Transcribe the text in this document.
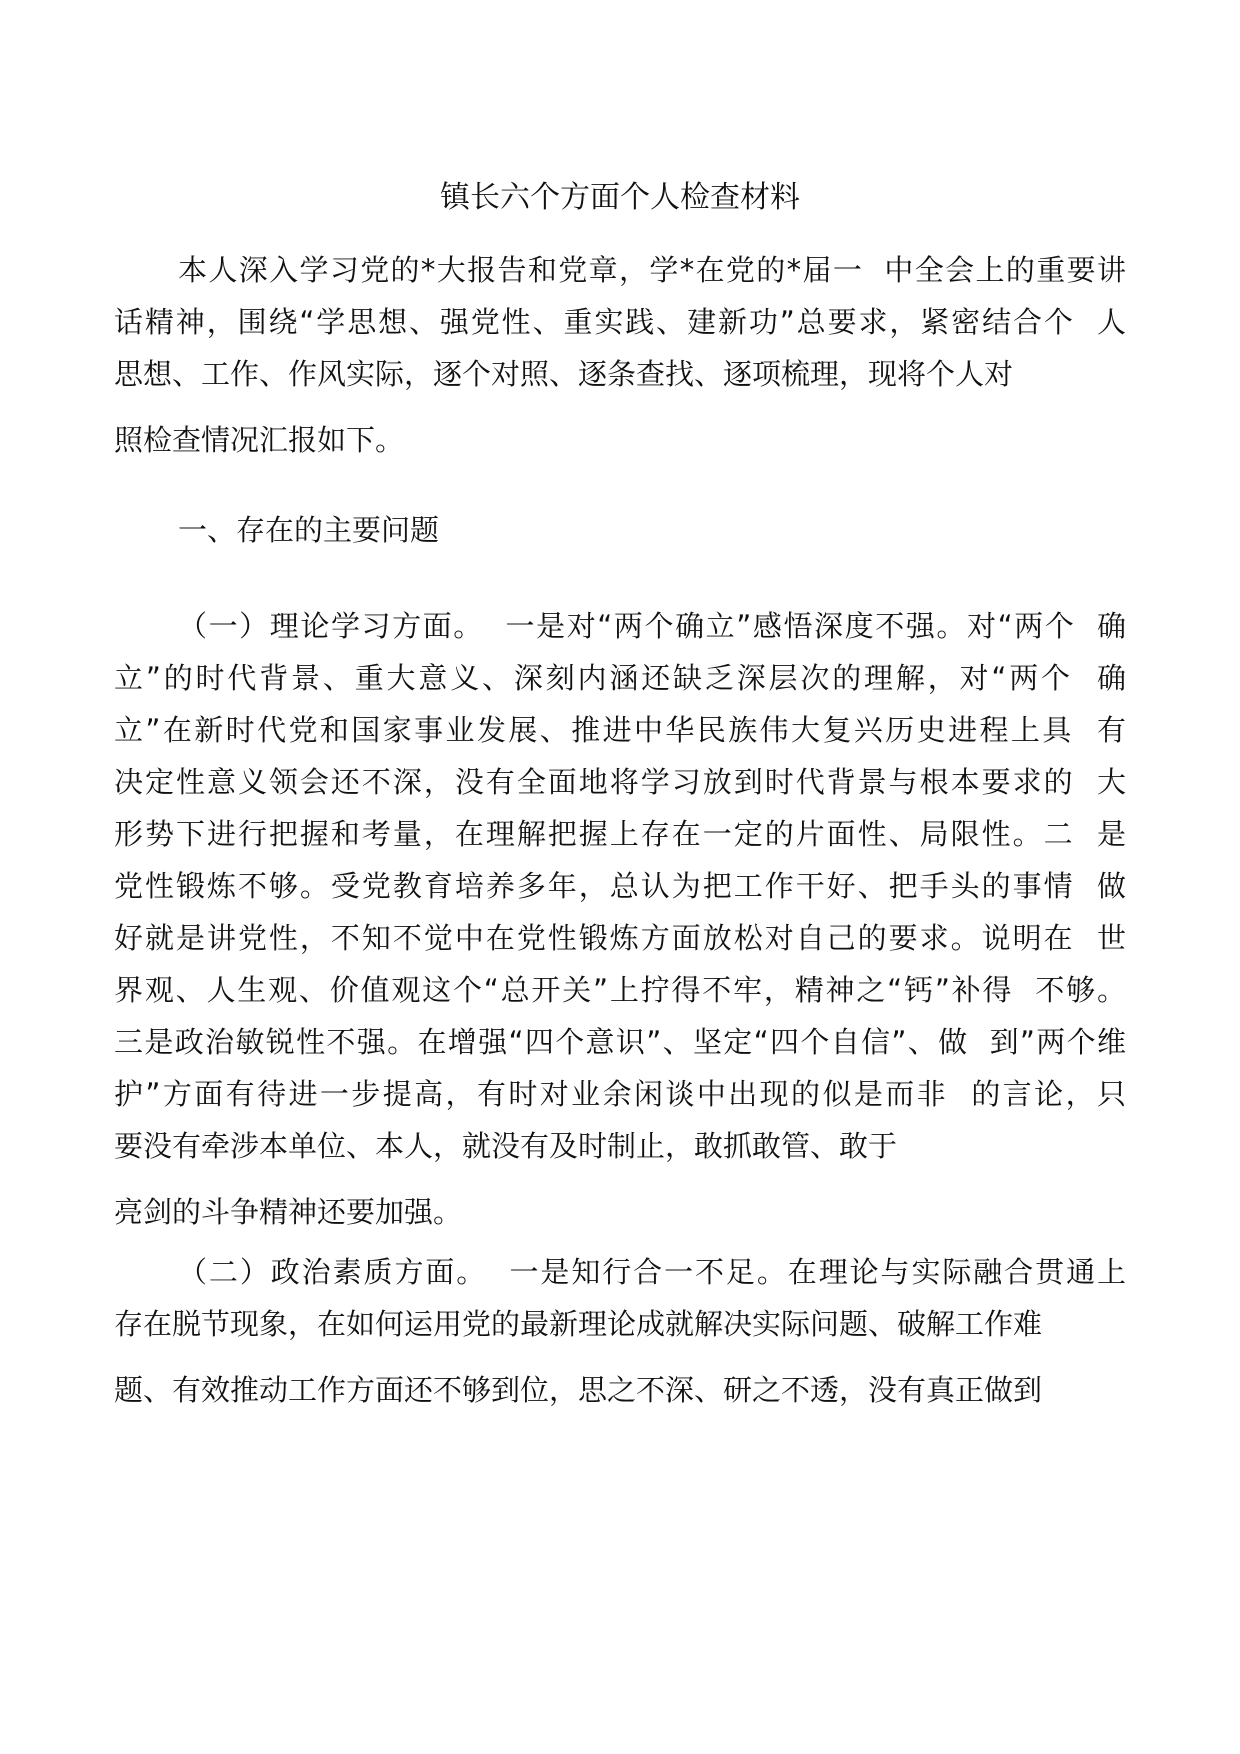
镇长六个方面个人检查材料
本人深入学习党的*大报告和党章，学*在党的*届一  中全会上的重要讲
话精神，围绕“学思想、强党性、重实践、建新功”总要求，紧密结合个  人
思想、工作、作风实际，逐个对照、逐条查找、逐项梳理，现将个人对
照检查情况汇报如下。
一、存在的主要问题
（一）理论学习方面。  一是对“两个确立”感悟深度不强。对“两个  确
立”的时代背景、重大意义、深刻内涵还缺乏深层次的理解，对“两个  确
立”在新时代党和国家事业发展、推进中华民族伟大复兴历史进程上具  有
决定性意义领会还不深，没有全面地将学习放到时代背景与根本要求的  大
形势下进行把握和考量，在理解把握上存在一定的片面性、局限性。二  是
党性锻炼不够。受党教育培养多年，总认为把工作干好、把手头的事情  做
好就是讲党性，不知不觉中在党性锻炼方面放松对自己的要求。说明在  世
界观、人生观、价值观这个“总开关”上拧得不牢，精神之“钙”补得  不够。
三是政治敏锐性不强。在增强“四个意识”、坚定“四个自信”、做  到”两个维
护”方面有待进一步提高，有时对业余闲谈中出现的似是而非  的言论，只
要没有牵涉本单位、本人，就没有及时制止，敢抓敢管、敢于
亮剑的斗争精神还要加强。
（二）政治素质方面。  一是知行合一不足。在理论与实际融合贯通上
存在脱节现象，在如何运用党的最新理论成就解决实际问题、破解工作难
题、有效推动工作方面还不够到位，思之不深、研之不透，没有真正做到
